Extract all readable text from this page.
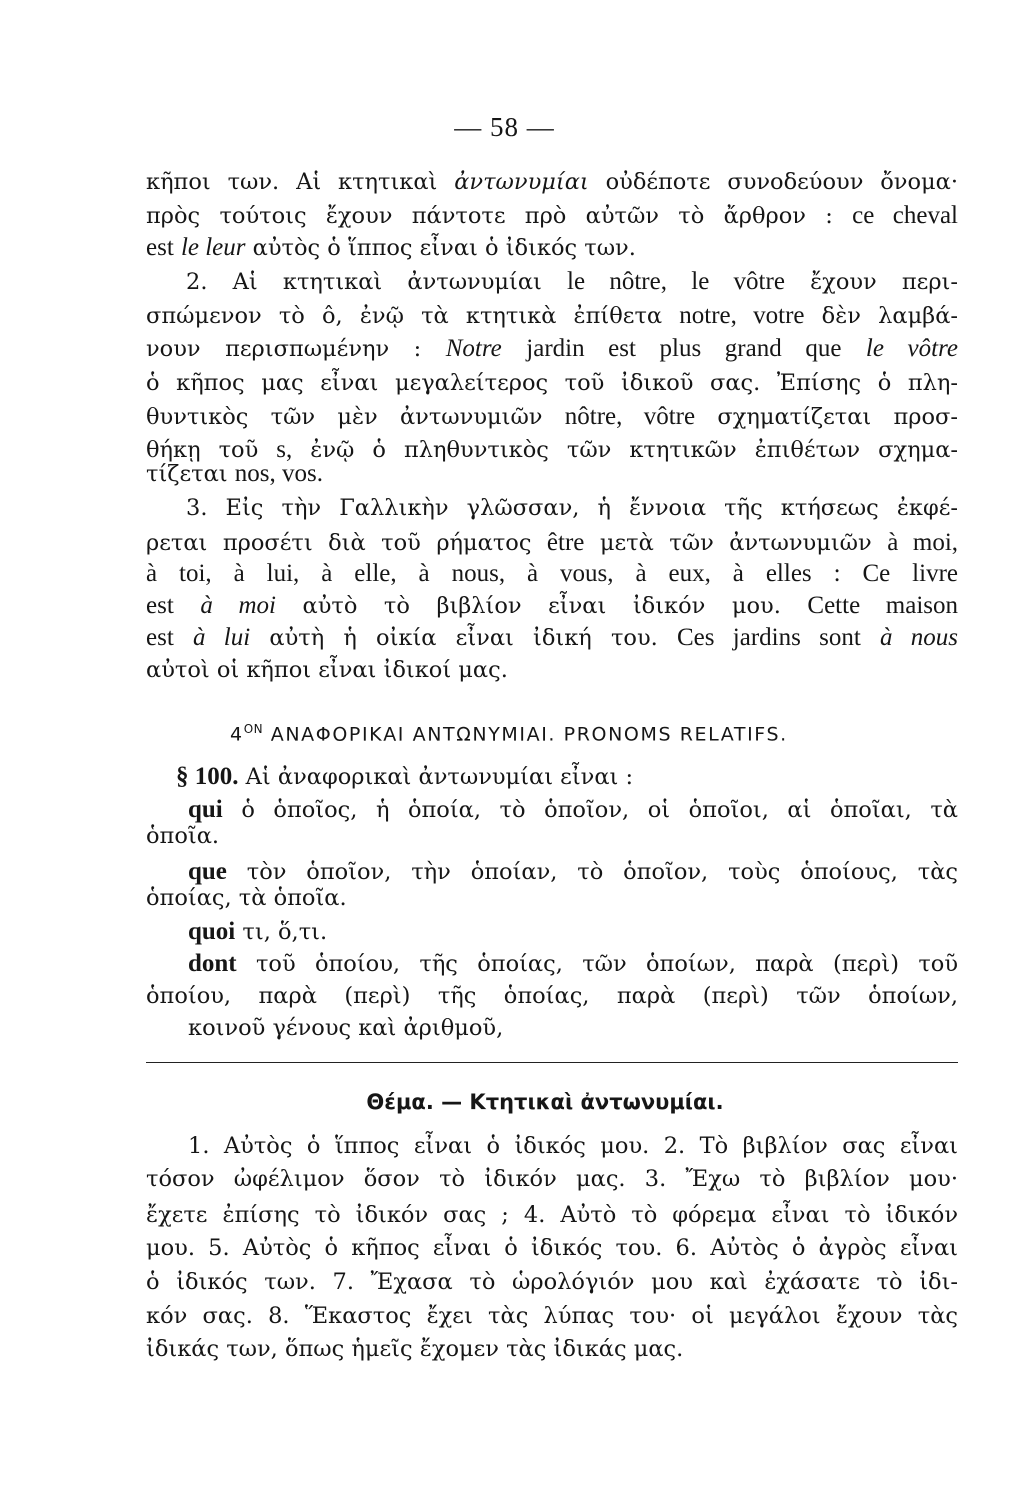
— 58 —
κῆποι των. Αἱ κτητικαὶ ἀντωνυμίαι οὐδέποτε συνοδεύουν ὄνομα·
πρὸς τούτοις ἔχουν πάντοτε πρὸ αὐτῶν τὸ ἄρθρον : ce cheval
est le leur αὐτὸς ὁ ἵππος εἶναι ὁ ἰδικός των.
2. Αἱ κτητικαὶ ἀντωνυμίαι le nôtre, le vôtre ἔχουν περι-
σπώμενον τὸ ô, ἐνῷ τὰ κτητικὰ ἐπίθετα notre, votre δὲν λαμβά-
νουν περισπωμένην : Notre jardin est plus grand que le vôtre
ὁ κῆπος μας εἶναι μεγαλείτερος τοῦ ἰδικοῦ σας. Ἐπίσης ὁ πλη-
θυντικὸς τῶν μὲν ἀντωνυμιῶν nôtre, vôtre σχηματίζεται προσ-
θήκῃ τοῦ s, ἐνῷ ὁ πληθυντικὸς τῶν κτητικῶν ἐπιθέτων σχημα-
τίζεται nos, vos.
3. Εἰς τὴν Γαλλικὴν γλῶσσαν, ἡ ἔννοια τῆς κτήσεως ἐκφέ-
ρεται προσέτι διὰ τοῦ ρήματος être μετὰ τῶν ἀντωνυμιῶν à moi,
à toi, à lui, à elle, à nous, à vous, à eux, à elles : Ce livre
est à moi αὐτὸ τὸ βιβλίον εἶναι ἰδικόν μου. Cette maison
est à lui αὐτὴ ἡ οἰκία εἶναι ἰδική του. Ces jardins sont à nous
αὐτοὶ οἱ κῆποι εἶναι ἰδικοί μας.
$4^{ON}$ ΑΝΑΦΟΡΙΚΑΙ ΑΝΤΩΝΥΜΙΑΙ. PRONOMS RELATIFS.
§ 100. Αἱ ἀναφορικαὶ ἀντωνυμίαι εἶναι :
qui ὁ ὁποῖος, ἡ ὁποία, τὸ ὁποῖον, οἱ ὁποῖοι, αἱ ὁποῖαι, τὰ
ὁποῖα.
que τὸν ὁποῖον, τὴν ὁποίαν, τὸ ὁποῖον, τοὺς ὁποίους, τὰς
ὁποίας, τὰ ὁποῖα.
quoi τι, ὅ,τι.
dont τοῦ ὁποίου, τῆς ὁποίας, τῶν ὁποίων, παρὰ (περὶ) τοῦ
ὁποίου, παρὰ (περὶ) τῆς ὁποίας, παρὰ (περὶ) τῶν ὁποίων,
κοινοῦ γένους καὶ ἀριθμοῦ,
Θέμα. — Κτητικαὶ ἀντωνυμίαι.
1. Αὐτὸς ὁ ἵππος εἶναι ὁ ἰδικός μου. 2. Τὸ βιβλίον σας εἶναι
τόσον ὠφέλιμον ὅσον τὸ ἰδικόν μας. 3. Ἔχω τὸ βιβλίον μου·
ἔχετε ἐπίσης τὸ ἰδικόν σας ; 4. Αὐτὸ τὸ φόρεμα εἶναι τὸ ἰδικόν
μου. 5. Αὐτὸς ὁ κῆπος εἶναι ὁ ἰδικός του. 6. Αὐτὸς ὁ ἀγρὸς εἶναι
ὁ ἰδικός των. 7. Ἔχασα τὸ ὡρολόγιόν μου καὶ ἐχάσατε τὸ ἰδι-
κόν σας. 8. Ἕκαστος ἔχει τὰς λύπας του· οἱ μεγάλοι ἔχουν τὰς
ἰδικάς των, ὅπως ἡμεῖς ἔχομεν τὰς ἰδικάς μας.
